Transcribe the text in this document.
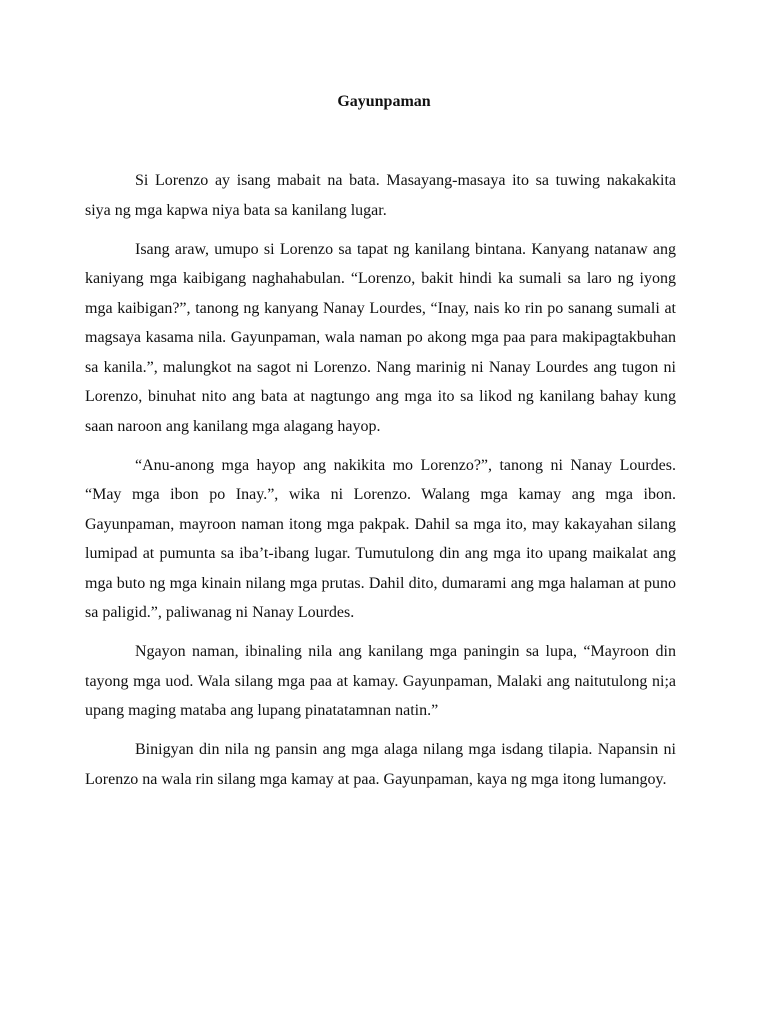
Gayunpaman

Si Lorenzo ay isang mabait na bata. Masayang-masaya ito sa tuwing nakakakita siya ng mga kapwa niya bata sa kanilang lugar.

Isang araw, umupo si Lorenzo sa tapat ng kanilang bintana. Kanyang natanaw ang kaniyang mga kaibigang naghahabulan. “Lorenzo, bakit hindi ka sumali sa laro ng iyong mga kaibigan?”, tanong ng kanyang Nanay Lourdes, “Inay, nais ko rin po sanang sumali at magsaya kasama nila. Gayunpaman, wala naman po akong mga paa para makipagtakbuhan sa kanila.”, malungkot na sagot ni Lorenzo. Nang marinig ni Nanay Lourdes ang tugon ni Lorenzo, binuhat nito ang bata at nagtungo ang mga ito sa likod ng kanilang bahay kung saan naroon ang kanilang mga alagang hayop.

“Anu-anong mga hayop ang nakikita mo Lorenzo?”, tanong ni Nanay Lourdes. “May mga ibon po Inay.”, wika ni Lorenzo. Walang mga kamay ang mga ibon. Gayunpaman, mayroon naman itong mga pakpak. Dahil sa mga ito, may kakayahan silang lumipad at pumunta sa iba’t-ibang lugar. Tumutulong din ang mga ito upang maikalat ang mga buto ng mga kinain nilang mga prutas. Dahil dito, dumarami ang mga halaman at puno sa paligid.”, paliwanag ni Nanay Lourdes.

Ngayon naman, ibinaling nila ang kanilang mga paningin sa lupa, “Mayroon din tayong mga uod. Wala silang mga paa at kamay. Gayunpaman, Malaki ang naitutulong ni;a upang maging mataba ang lupang pinatatamnan natin.”

Binigyan din nila ng pansin ang mga alaga nilang mga isdang tilapia. Napansin ni Lorenzo na wala rin silang mga kamay at paa. Gayunpaman, kaya ng mga itong lumangoy.
